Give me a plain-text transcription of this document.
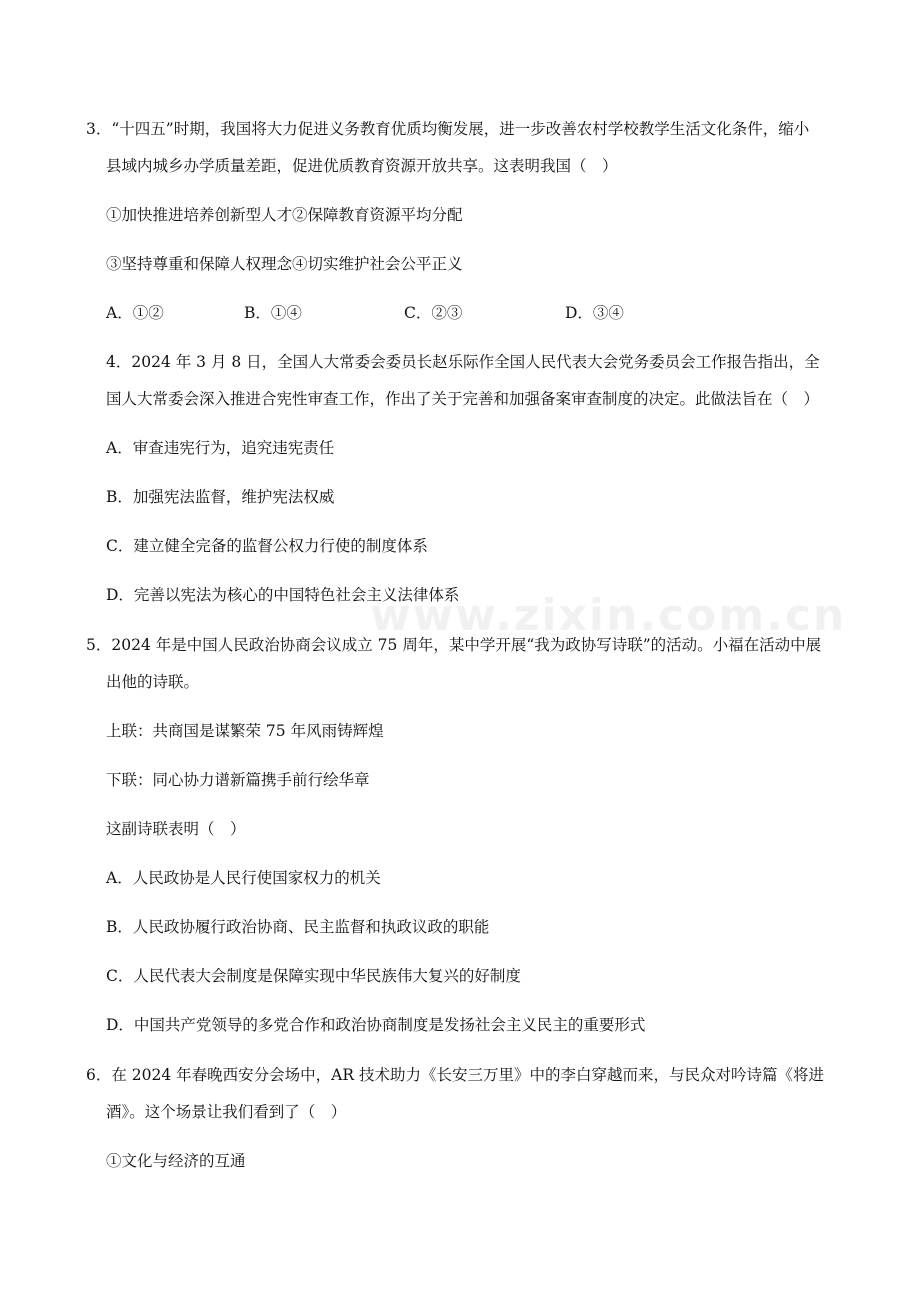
www.zixin.com.cn
3．“十四五”时期，我国将大力促进义务教育优质均衡发展，进一步改善农村学校教学生活文化条件，缩小
县域内城乡办学质量差距，促进优质教育资源开放共享。这表明我国（　）
①加快推进培养创新型人才②保障教育资源平均分配
③坚持尊重和保障人权理念④切实维护社会公平正义
A．①②	B．①④	C．②③	D．③④
4．2024 年 3 月 8 日，全国人大常委会委员长赵乐际作全国人民代表大会党务委员会工作报告指出，全
国人大常委会深入推进合宪性审查工作，作出了关于完善和加强备案审查制度的决定。此做法旨在（　）
A．审查违宪行为，追究违宪责任
B．加强宪法监督，维护宪法权威
C．建立健全完备的监督公权力行使的制度体系
D．完善以宪法为核心的中国特色社会主义法律体系
5．2024 年是中国人民政治协商会议成立 75 周年，某中学开展“我为政协写诗联”的活动。小福在活动中展
出他的诗联。
上联：共商国是谋繁荣 75 年风雨铸辉煌
下联：同心协力谱新篇携手前行绘华章
这副诗联表明（　）
A．人民政协是人民行使国家权力的机关
B．人民政协履行政治协商、民主监督和执政议政的职能
C．人民代表大会制度是保障实现中华民族伟大复兴的好制度
D．中国共产党领导的多党合作和政治协商制度是发扬社会主义民主的重要形式
6．在 2024 年春晚西安分会场中，AR 技术助力《长安三万里》中的李白穿越而来，与民众对吟诗篇《将进
酒》。这个场景让我们看到了（　）
①文化与经济的互通
